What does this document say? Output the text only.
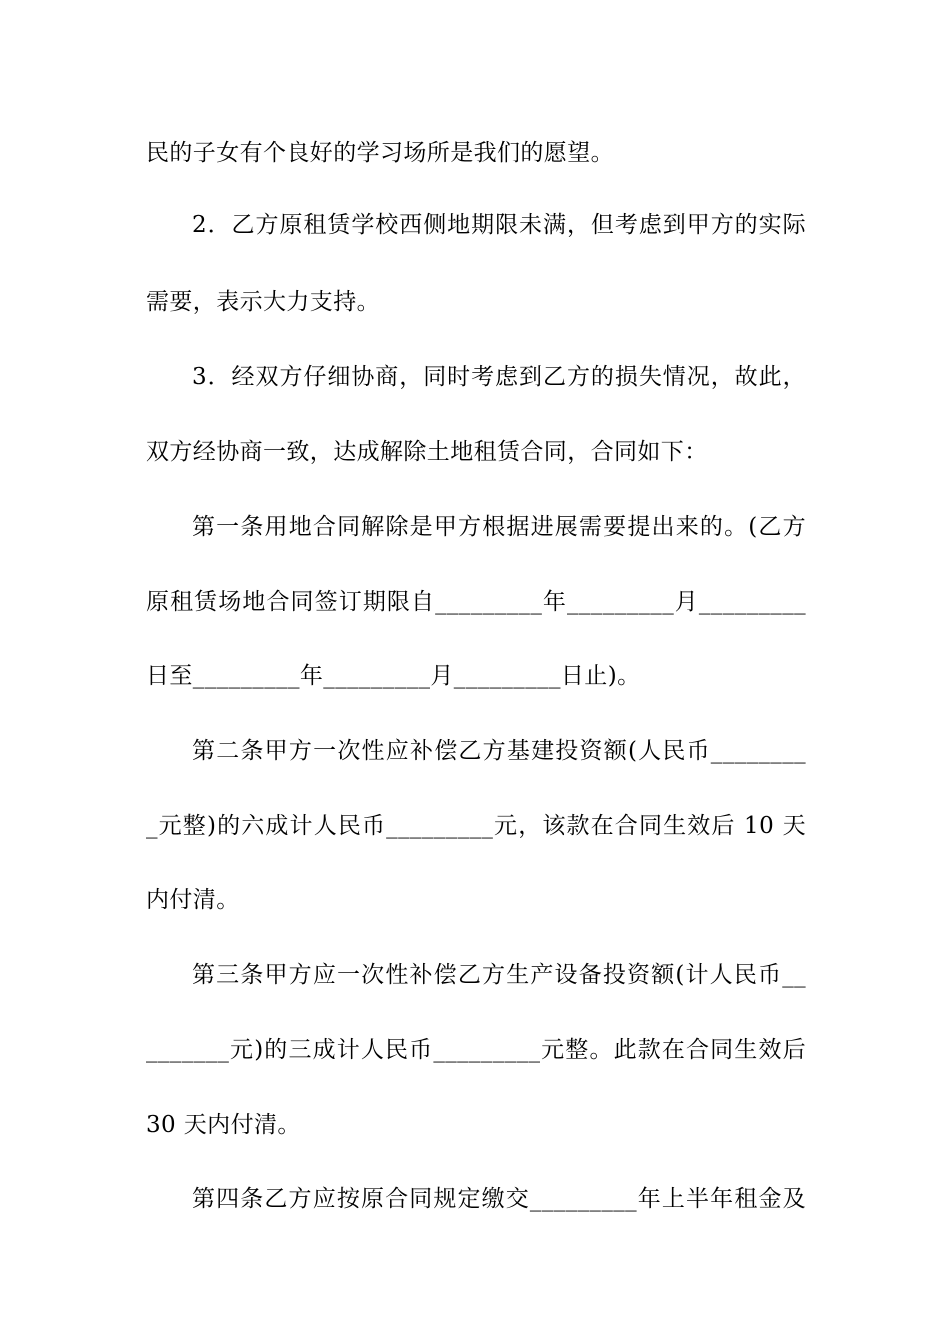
民的子女有个良好的学习场所是我们的愿望。

2．乙方原租赁学校西侧地期限未满，但考虑到甲方的实际

需要，表示大力支持。

3．经双方仔细协商，同时考虑到乙方的损失情况，故此，

双方经协商一致，达成解除土地租赁合同，合同如下：

第一条用地合同解除是甲方根据进展需要提出来的。(乙方

原租赁场地合同签订期限自_________年_________月_________

日至_________年_________月_________日止)。

第二条甲方一次性应补偿乙方基建投资额(人民币________

_元整)的六成计人民币_________元，该款在合同生效后 10 天

内付清。

第三条甲方应一次性补偿乙方生产设备投资额(计人民币__

_______元)的三成计人民币_________元整。此款在合同生效后

30 天内付清。

第四条乙方应按原合同规定缴交_________年上半年租金及
